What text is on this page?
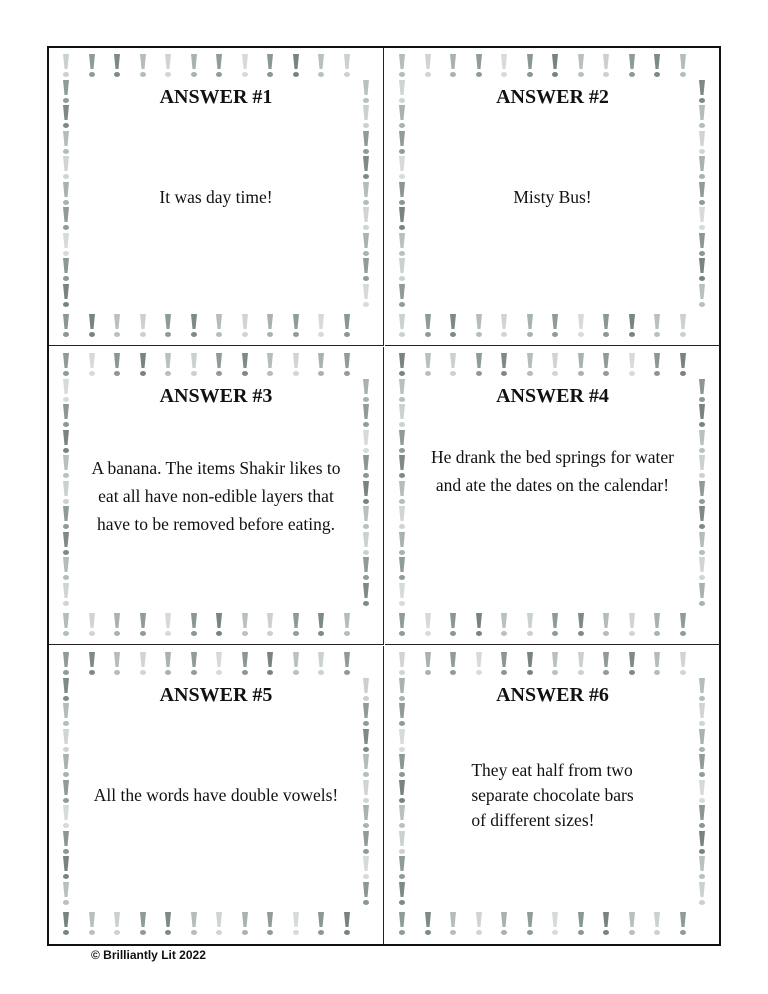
ANSWER #1
It was day time!
ANSWER #2
Misty Bus!
ANSWER #3
A banana. The items Shakir likes to
eat all have non-edible layers that
have to be removed before eating.
ANSWER #4
He drank the bed springs for water
and ate the dates on the calendar!
ANSWER #5
All the words have double vowels!
ANSWER #6
They eat half from two
separate chocolate bars
of different sizes!
© Brilliantly Lit 2022
